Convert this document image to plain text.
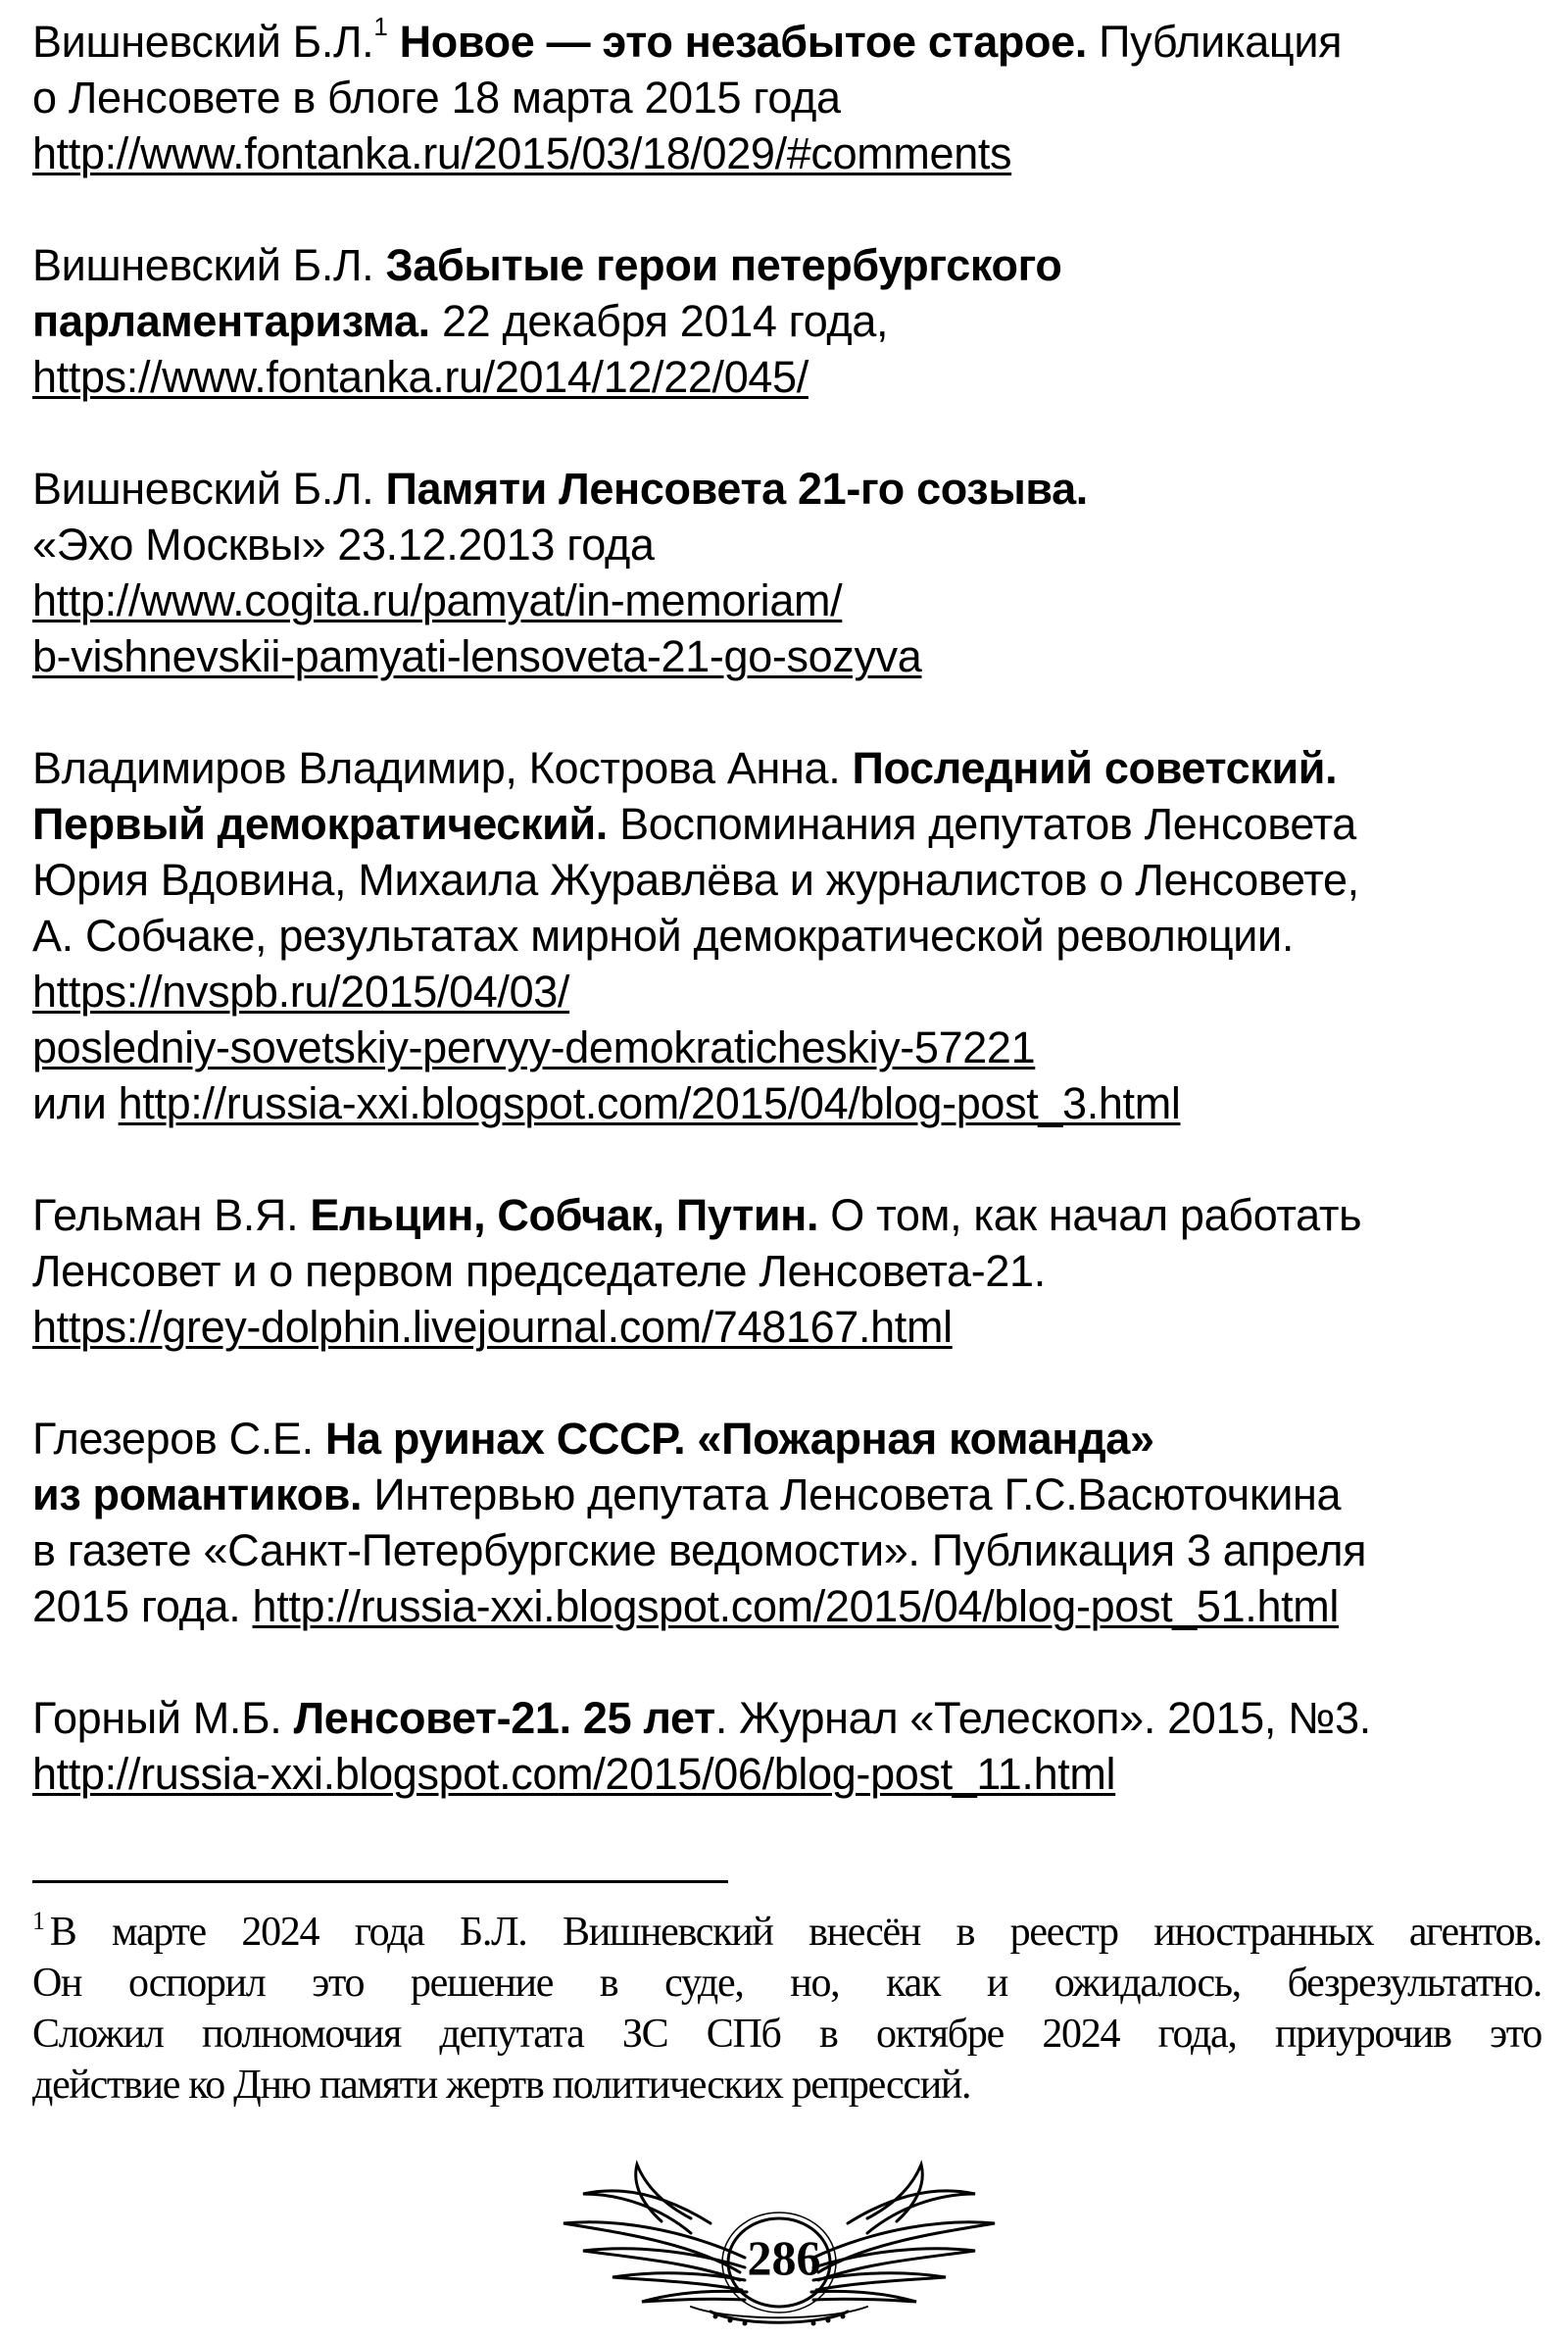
Вишневский Б.Л.$^1$ Новое — это незабытое старое. Публикация
о Ленсовете в блоге 18 марта 2015 года
http://www.fontanka.ru/2015/03/18/029/#comments
Вишневский Б.Л. Забытые герои петербургского
парламентаризма. 22 декабря 2014 года,
https://www.fontanka.ru/2014/12/22/045/
Вишневский Б.Л. Памяти Ленсовета 21-го созыва.
«Эхо Москвы» 23.12.2013 года
http://www.cogita.ru/pamyat/in-memoriam/
b-vishnevskii-pamyati-lensoveta-21-go-sozyva
Владимиров Владимир, Кострова Анна. Последний советский.
Первый демократический. Воспоминания депутатов Ленсовета
Юрия Вдовина, Михаила Журавлёва и журналистов о Ленсовете,
А. Собчаке, результатах мирной демократической революции.
https://nvspb.ru/2015/04/03/
posledniy-sovetskiy-pervyy-demokraticheskiy-57221
или http://russia-xxi.blogspot.com/2015/04/blog-post_3.html
Гельман В.Я. Ельцин, Собчак, Путин. О том, как начал работать
Ленсовет и о первом председателе Ленсовета-21.
https://grey-dolphin.livejournal.com/748167.html
Глезеров С.Е. На руинах СССР. «Пожарная команда»
из романтиков. Интервью депутата Ленсовета Г.С.Васюточкина
в газете «Санкт-Петербургские ведомости». Публикация 3 апреля
2015 года. http://russia-xxi.blogspot.com/2015/04/blog-post_51.html
Горный М.Б. Ленсовет-21. 25 лет. Журнал «Телескоп». 2015, №3.
http://russia-xxi.blogspot.com/2015/06/blog-post_11.html
$^1$ В марте 2024 года Б.Л. Вишневский внесён в реестр иностранных агентов.
Он оспорил это решение в суде, но, как и ожидалось, безрезультатно.
Сложил полномочия депутата ЗС СПб в октябре 2024 года, приурочив это
действие ко Дню памяти жертв политических репрессий.
286
